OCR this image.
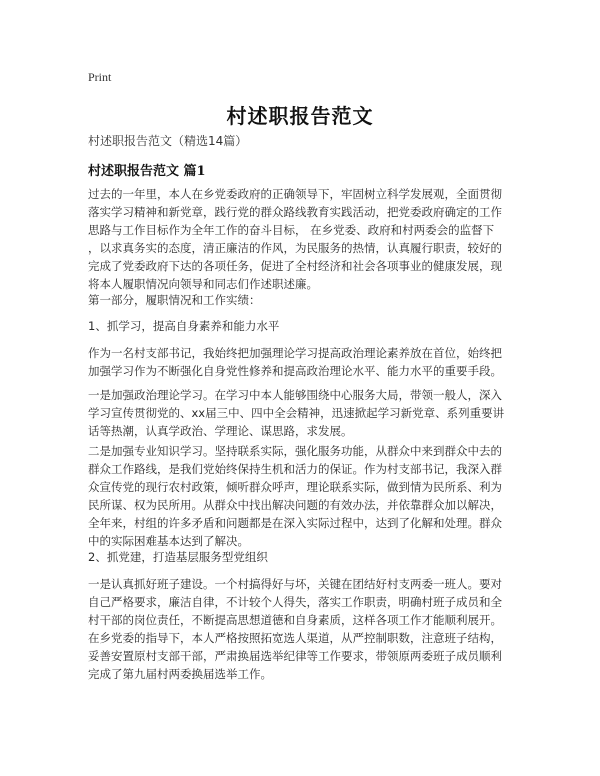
Print
村述职报告范文
村述职报告范文（精选14篇）
村述职报告范文 篇1
过去的一年里，本人在乡党委政府的正确领导下，牢固树立科学发展观，全面贯彻
落实学习精神和新党章，践行党的群众路线教育实践活动，把党委政府确定的工作
思路与工作目标作为全年工作的奋斗目标， 在乡党委、政府和村两委会的监督下
，以求真务实的态度，清正廉洁的作风，为民服务的热情，认真履行职责，较好的
完成了党委政府下达的各项任务，促进了全村经济和社会各项事业的健康发展，现
将本人履职情况向领导和同志们作述职述廉。
第一部分，履职情况和工作实绩：
1、抓学习，提高自身素养和能力水平
作为一名村支部书记，我始终把加强理论学习提高政治理论素养放在首位，始终把
加强学习作为不断强化自身党性修养和提高政治理论水平、能力水平的重要手段。
一是加强政治理论学习。在学习中本人能够围绕中心服务大局，带领一般人，深入
学习宣传贯彻党的、xx届三中、四中全会精神，迅速掀起学习新党章、系列重要讲
话等热潮，认真学政治、学理论、谋思路，求发展。
二是加强专业知识学习。坚持联系实际，强化服务功能，从群众中来到群众中去的
群众工作路线，是我们党始终保持生机和活力的保证。作为村支部书记，我深入群
众宣传党的现行农村政策，倾听群众呼声，理论联系实际，做到情为民所系、利为
民所谋、权为民所用。从群众中找出解决问题的有效办法，并依靠群众加以解决，
全年来，村组的许多矛盾和问题都是在深入实际过程中，达到了化解和处理。群众
中的实际困难基本达到了解决。
2、抓党建，打造基层服务型党组织
一是认真抓好班子建设。一个村搞得好与坏，关键在团结好村支两委一班人。要对
自己严格要求，廉洁自律，不计较个人得失，落实工作职责，明确村班子成员和全
村干部的岗位责任，不断提高思想道德和自身素质，这样各项工作才能顺利展开。
在乡党委的指导下，本人严格按照拓宽选人渠道，从严控制职数，注意班子结构，
妥善安置原村支部干部，严肃换届选举纪律等工作要求，带领原两委班子成员顺利
完成了第九届村两委换届选举工作。
